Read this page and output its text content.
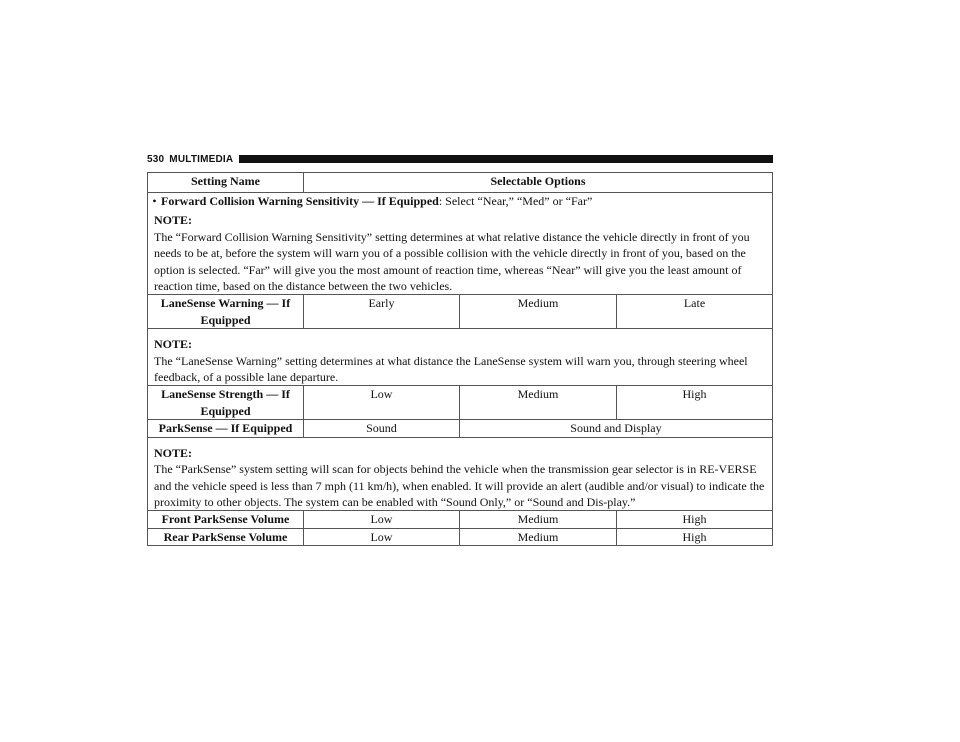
530 MULTIMEDIA
Setting Name	Selectable Options		

• Forward Collision Warning Sensitivity — If Equipped: Select “Near,” “Med” or “Far”
NOTE:
The “Forward Collision Warning Sensitivity” setting determines at what relative distance the vehicle directly in front of you needs to be at, before the system will warn you of a possible collision with the vehicle directly in front of you, based on the option is selected. “Far” will give you the most amount of reaction time, whereas “Near” will give you the least amount of reaction time, based on the distance between the two vehicles.			

LaneSense Warning — If Equipped	Early	Medium	Late

NOTE:
The “LaneSense Warning” setting determines at what distance the LaneSense system will warn you, through steering wheel feedback, of a possible lane departure.			

LaneSense Strength — If Equipped	Low	Medium	High
ParkSense — If Equipped	Sound	Sound and Display	

NOTE:
The “ParkSense” system setting will scan for objects behind the vehicle when the transmission gear selector is in RE-VERSE and the vehicle speed is less than 7 mph (11 km/h), when enabled. It will provide an alert (audible and/or visual) to indicate the proximity to other objects. The system can be enabled with “Sound Only,” or “Sound and Dis-play.”			

Front ParkSense Volume	Low	Medium	High
Rear ParkSense Volume	Low	Medium	High
